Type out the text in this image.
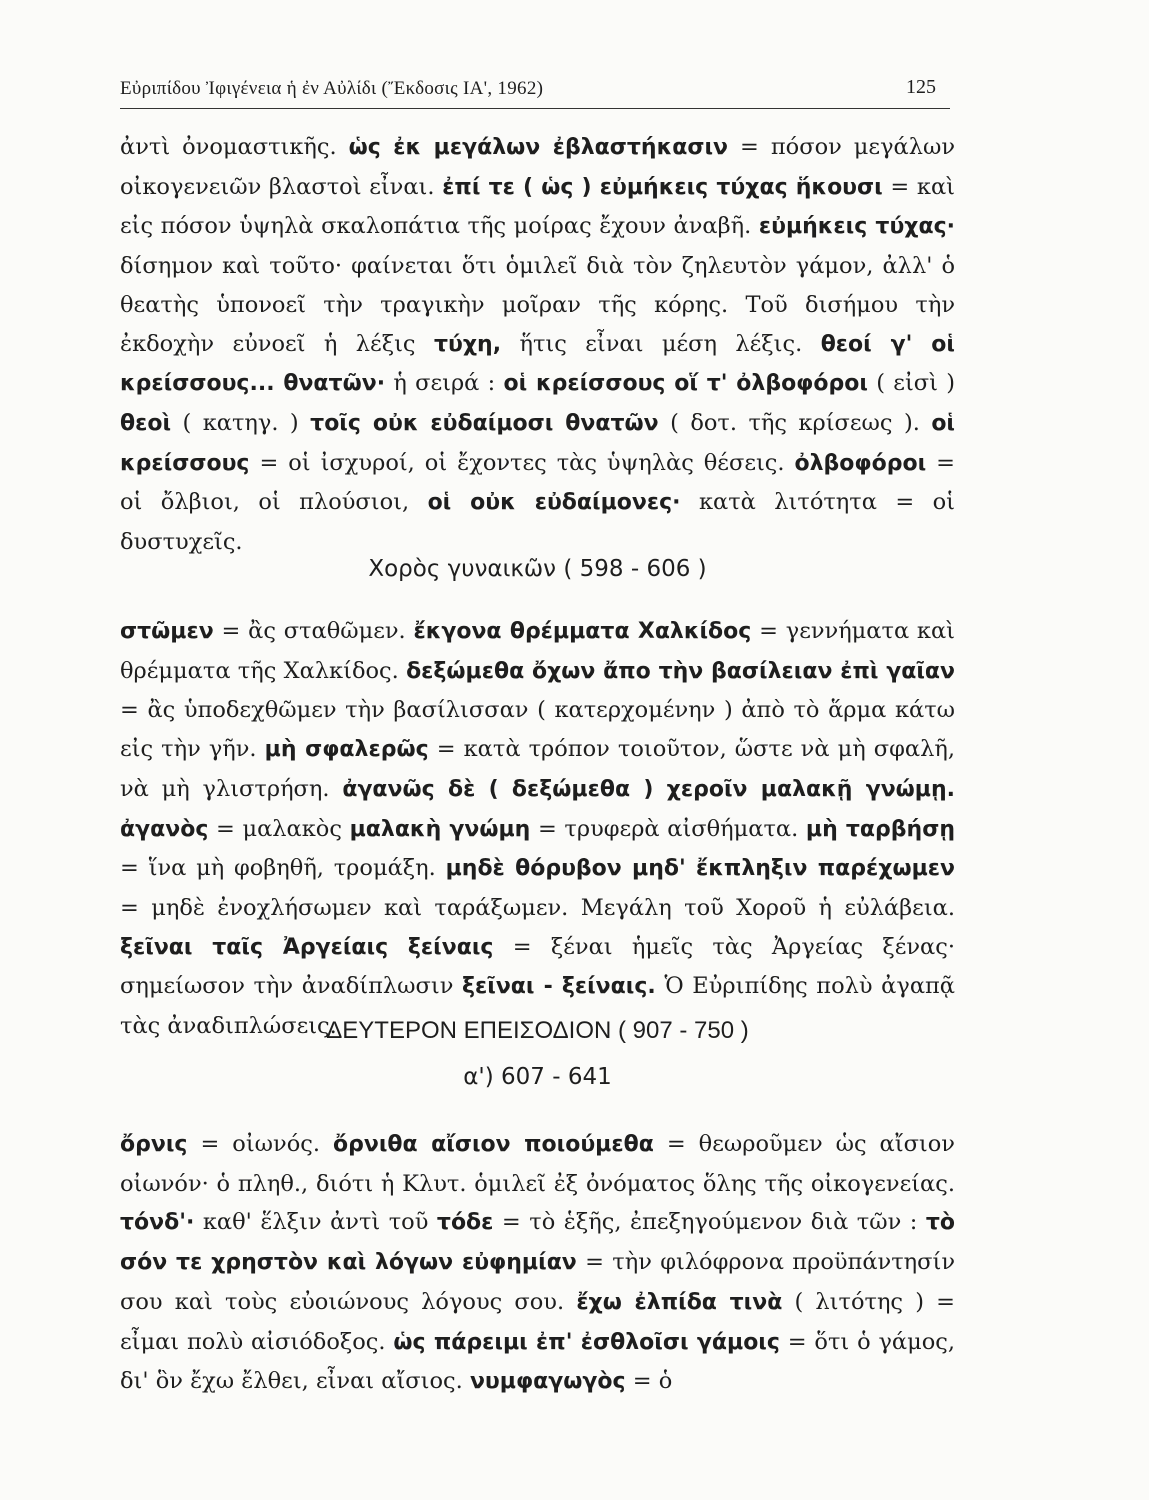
Εὐριπίδου Ἰφιγένεια ἡ ἐν Αὐλίδι (Ἔκδοσις ΙΑ', 1962)	125
ἀντὶ ὀνομαστικῆς. ὡς ἐκ μεγάλων ἐβλαστήκασιν = πόσον μεγάλων οἰκογενειῶν βλαστοὶ εἶναι. ἐπί τε ( ὡς ) εὐμήκεις τύχας ἥκουσι = καὶ εἰς πόσον ὑψηλὰ σκαλοπάτια τῆς μοίρας ἔχουν ἀναβῆ. εὐμήκεις τύχας· δίσημον καὶ τοῦτο· φαίνεται ὅτι ὁμιλεῖ διὰ τὸν ζηλευτὸν γάμον, ἀλλ' ὁ θεατὴς ὑπονοεῖ τὴν τραγικὴν μοῖραν τῆς κόρης. Τοῦ δισήμου τὴν ἐκδοχὴν εὐνοεῖ ἡ λέξις τύχη, ἥτις εἶναι μέση λέξις. θεοί γ' οἱ κρείσσους... θνατῶν· ἡ σειρά : οἱ κρείσσους οἵ τ' ὀλβοφόροι ( εἰσὶ ) θεοὶ ( κατηγ. ) τοῖς οὐκ εὐδαίμοσι θνατῶν ( δοτ. τῆς κρίσεως ). οἱ κρείσσους = οἱ ἰσχυροί, οἱ ἔχοντες τὰς ὑψηλὰς θέσεις. ὀλβοφόροι = οἱ ὄλβιοι, οἱ πλούσιοι, οἱ οὐκ εὐδαίμονες· κατὰ λιτότητα = οἱ δυστυχεῖς.
Χορὸς γυναικῶν ( 598 - 606 )
στῶμεν = ἂς σταθῶμεν. ἔκγονα θρέμματα Χαλκίδος = γεννήματα καὶ θρέμματα τῆς Χαλκίδος. δεξώμεθα ὄχων ἄπο τὴν βασίλειαν ἐπὶ γαῖαν = ἂς ὑποδεχθῶμεν τὴν βασίλισσαν ( κατερχομένην ) ἀπὸ τὸ ἅρμα κάτω εἰς τὴν γῆν. μὴ σφαλερῶς = κατὰ τρόπον τοιοῦτον, ὥστε νὰ μὴ σφαλῆ, νὰ μὴ γλιστρήση. ἀγανῶς δὲ ( δεξώμεθα ) χεροῖν μαλακῇ γνώμῃ. ἀγανὸς = μαλακὸς μαλακὴ γνώμη = τρυφερὰ αἰσθήματα. μὴ ταρβήσῃ = ἵνα μὴ φοβηθῆ, τρομάξη. μηδὲ θόρυβον μηδ' ἔκπληξιν παρέχωμεν = μηδὲ ἐνοχλήσωμεν καὶ ταράξωμεν. Μεγάλη τοῦ Χοροῦ ἡ εὐλάβεια. ξεῖναι ταῖς Ἀργείαις ξείναις = ξέναι ἡμεῖς τὰς Ἀργείας ξένας· σημείωσον τὴν ἀναδίπλωσιν ξεῖναι - ξείναις. Ὁ Εὐριπίδης πολὺ ἀγαπᾷ τὰς ἀναδιπλώσεις.
ΔΕΥΤΕΡΟΝ ΕΠΕΙΣΟΔΙΟΝ ( 907 - 750 )
α') 607 - 641
ὄρνις = οἰωνός. ὄρνιθα αἴσιον ποιούμεθα = θεωροῦμεν ὡς αἴσιον οἰωνόν· ὁ πληθ., διότι ἡ Κλυτ. ὁμιλεῖ ἐξ ὀνόματος ὅλης τῆς οἰκογενείας. τόνδ'· καθ' ἕλξιν ἀντὶ τοῦ τόδε = τὸ ἑξῆς, ἐπεξηγούμενον διὰ τῶν : τὸ σόν τε χρηστὸν καὶ λόγων εὐφημίαν = τὴν φιλόφρονα προϋπάντησίν σου καὶ τοὺς εὐοιώνους λόγους σου. ἔχω ἐλπίδα τινὰ ( λιτότης ) = εἶμαι πολὺ αἰσιόδοξος. ὡς πάρειμι ἐπ' ἐσθλοῖσι γάμοις = ὅτι ὁ γάμος, δι' ὃν ἔχω ἔλθει, εἶναι αἴσιος. νυμφαγωγὸς = ὁ
